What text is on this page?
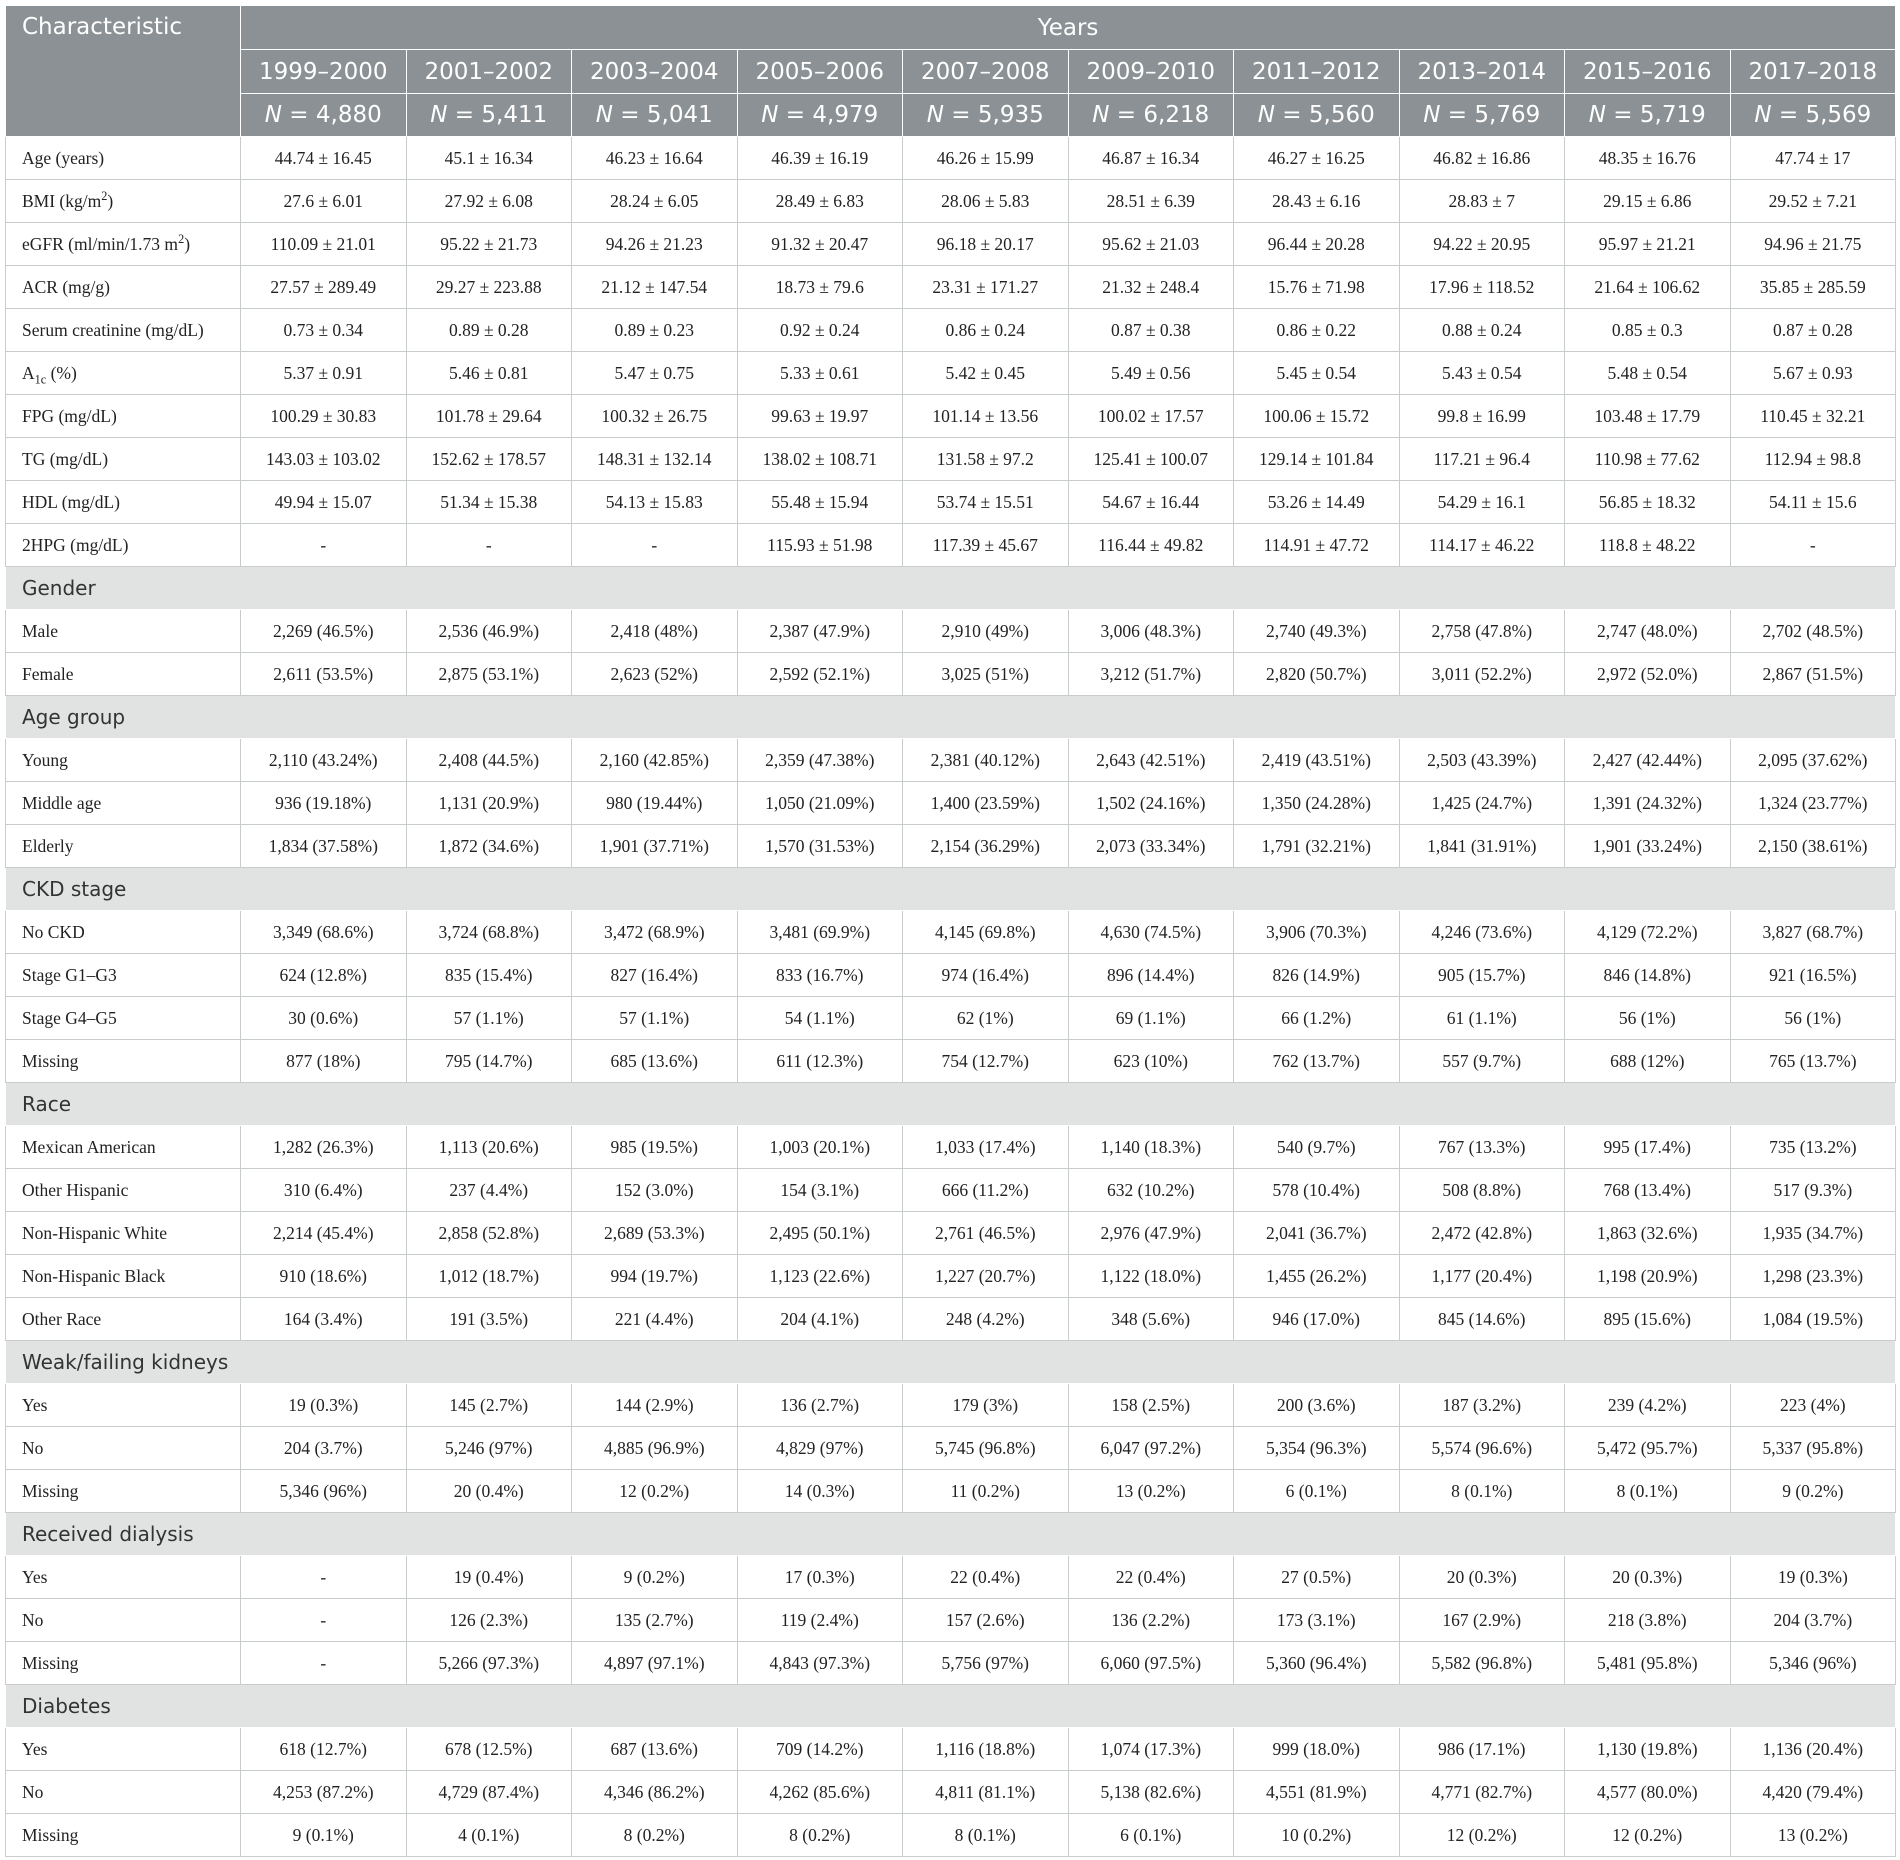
Characteristic	Years									
	1999–2000	2001–2002	2003–2004	2005–2006	2007–2008	2009–2010	2011–2012	2013–2014	2015–2016	2017–2018
	N = 4,880	N = 5,411	N = 5,041	N = 4,979	N = 5,935	N = 6,218	N = 5,560	N = 5,769	N = 5,719	N = 5,569
Age (years)	44.74 ± 16.45	45.1 ± 16.34	46.23 ± 16.64	46.39 ± 16.19	46.26 ± 15.99	46.87 ± 16.34	46.27 ± 16.25	46.82 ± 16.86	48.35 ± 16.76	47.74 ± 17
BMI $(kg/m^2)$	27.6 ± 6.01	27.92 ± 6.08	28.24 ± 6.05	28.49 ± 6.83	28.06 ± 5.83	28.51 ± 6.39	28.43 ± 6.16	28.83 ± 7	29.15 ± 6.86	29.52 ± 7.21
eGFR (ml/min/1.73 $m^2$)	110.09 ± 21.01	95.22 ± 21.73	94.26 ± 21.23	91.32 ± 20.47	96.18 ± 20.17	95.62 ± 21.03	96.44 ± 20.28	94.22 ± 20.95	95.97 ± 21.21	94.96 ± 21.75
ACR (mg/g)	27.57 ± 289.49	29.27 ± 223.88	21.12 ± 147.54	18.73 ± 79.6	23.31 ± 171.27	21.32 ± 248.4	15.76 ± 71.98	17.96 ± 118.52	21.64 ± 106.62	35.85 ± 285.59
Serum creatinine (mg/dL)	0.73 ± 0.34	0.89 ± 0.28	0.89 ± 0.23	0.92 ± 0.24	0.86 ± 0.24	0.87 ± 0.38	0.86 ± 0.22	0.88 ± 0.24	0.85 ± 0.3	0.87 ± 0.28
$A_{1c}$ (%)	5.37 ± 0.91	5.46 ± 0.81	5.47 ± 0.75	5.33 ± 0.61	5.42 ± 0.45	5.49 ± 0.56	5.45 ± 0.54	5.43 ± 0.54	5.48 ± 0.54	5.67 ± 0.93
FPG (mg/dL)	100.29 ± 30.83	101.78 ± 29.64	100.32 ± 26.75	99.63 ± 19.97	101.14 ± 13.56	100.02 ± 17.57	100.06 ± 15.72	99.8 ± 16.99	103.48 ± 17.79	110.45 ± 32.21
TG (mg/dL)	143.03 ± 103.02	152.62 ± 178.57	148.31 ± 132.14	138.02 ± 108.71	131.58 ± 97.2	125.41 ± 100.07	129.14 ± 101.84	117.21 ± 96.4	110.98 ± 77.62	112.94 ± 98.8
HDL (mg/dL)	49.94 ± 15.07	51.34 ± 15.38	54.13 ± 15.83	55.48 ± 15.94	53.74 ± 15.51	54.67 ± 16.44	53.26 ± 14.49	54.29 ± 16.1	56.85 ± 18.32	54.11 ± 15.6
2HPG (mg/dL)	-	-	-	115.93 ± 51.98	117.39 ± 45.67	116.44 ± 49.82	114.91 ± 47.72	114.17 ± 46.22	118.8 ± 48.22	-
Gender										
Male	2,269 (46.5%)	2,536 (46.9%)	2,418 (48%)	2,387 (47.9%)	2,910 (49%)	3,006 (48.3%)	2,740 (49.3%)	2,758 (47.8%)	2,747 (48.0%)	2,702 (48.5%)
Female	2,611 (53.5%)	2,875 (53.1%)	2,623 (52%)	2,592 (52.1%)	3,025 (51%)	3,212 (51.7%)	2,820 (50.7%)	3,011 (52.2%)	2,972 (52.0%)	2,867 (51.5%)
Age group										
Young	2,110 (43.24%)	2,408 (44.5%)	2,160 (42.85%)	2,359 (47.38%)	2,381 (40.12%)	2,643 (42.51%)	2,419 (43.51%)	2,503 (43.39%)	2,427 (42.44%)	2,095 (37.62%)
Middle age	936 (19.18%)	1,131 (20.9%)	980 (19.44%)	1,050 (21.09%)	1,400 (23.59%)	1,502 (24.16%)	1,350 (24.28%)	1,425 (24.7%)	1,391 (24.32%)	1,324 (23.77%)
Elderly	1,834 (37.58%)	1,872 (34.6%)	1,901 (37.71%)	1,570 (31.53%)	2,154 (36.29%)	2,073 (33.34%)	1,791 (32.21%)	1,841 (31.91%)	1,901 (33.24%)	2,150 (38.61%)
CKD stage										
No CKD	3,349 (68.6%)	3,724 (68.8%)	3,472 (68.9%)	3,481 (69.9%)	4,145 (69.8%)	4,630 (74.5%)	3,906 (70.3%)	4,246 (73.6%)	4,129 (72.2%)	3,827 (68.7%)
Stage G1–G3	624 (12.8%)	835 (15.4%)	827 (16.4%)	833 (16.7%)	974 (16.4%)	896 (14.4%)	826 (14.9%)	905 (15.7%)	846 (14.8%)	921 (16.5%)
Stage G4–G5	30 (0.6%)	57 (1.1%)	57 (1.1%)	54 (1.1%)	62 (1%)	69 (1.1%)	66 (1.2%)	61 (1.1%)	56 (1%)	56 (1%)
Missing	877 (18%)	795 (14.7%)	685 (13.6%)	611 (12.3%)	754 (12.7%)	623 (10%)	762 (13.7%)	557 (9.7%)	688 (12%)	765 (13.7%)
Race										
Mexican American	1,282 (26.3%)	1,113 (20.6%)	985 (19.5%)	1,003 (20.1%)	1,033 (17.4%)	1,140 (18.3%)	540 (9.7%)	767 (13.3%)	995 (17.4%)	735 (13.2%)
Other Hispanic	310 (6.4%)	237 (4.4%)	152 (3.0%)	154 (3.1%)	666 (11.2%)	632 (10.2%)	578 (10.4%)	508 (8.8%)	768 (13.4%)	517 (9.3%)
Non-Hispanic White	2,214 (45.4%)	2,858 (52.8%)	2,689 (53.3%)	2,495 (50.1%)	2,761 (46.5%)	2,976 (47.9%)	2,041 (36.7%)	2,472 (42.8%)	1,863 (32.6%)	1,935 (34.7%)
Non-Hispanic Black	910 (18.6%)	1,012 (18.7%)	994 (19.7%)	1,123 (22.6%)	1,227 (20.7%)	1,122 (18.0%)	1,455 (26.2%)	1,177 (20.4%)	1,198 (20.9%)	1,298 (23.3%)
Other Race	164 (3.4%)	191 (3.5%)	221 (4.4%)	204 (4.1%)	248 (4.2%)	348 (5.6%)	946 (17.0%)	845 (14.6%)	895 (15.6%)	1,084 (19.5%)
Weak/failing kidneys										
Yes	19 (0.3%)	145 (2.7%)	144 (2.9%)	136 (2.7%)	179 (3%)	158 (2.5%)	200 (3.6%)	187 (3.2%)	239 (4.2%)	223 (4%)
No	204 (3.7%)	5,246 (97%)	4,885 (96.9%)	4,829 (97%)	5,745 (96.8%)	6,047 (97.2%)	5,354 (96.3%)	5,574 (96.6%)	5,472 (95.7%)	5,337 (95.8%)
Missing	5,346 (96%)	20 (0.4%)	12 (0.2%)	14 (0.3%)	11 (0.2%)	13 (0.2%)	6 (0.1%)	8 (0.1%)	8 (0.1%)	9 (0.2%)
Received dialysis										
Yes	-	19 (0.4%)	9 (0.2%)	17 (0.3%)	22 (0.4%)	22 (0.4%)	27 (0.5%)	20 (0.3%)	20 (0.3%)	19 (0.3%)
No	-	126 (2.3%)	135 (2.7%)	119 (2.4%)	157 (2.6%)	136 (2.2%)	173 (3.1%)	167 (2.9%)	218 (3.8%)	204 (3.7%)
Missing	-	5,266 (97.3%)	4,897 (97.1%)	4,843 (97.3%)	5,756 (97%)	6,060 (97.5%)	5,360 (96.4%)	5,582 (96.8%)	5,481 (95.8%)	5,346 (96%)
Diabetes										
Yes	618 (12.7%)	678 (12.5%)	687 (13.6%)	709 (14.2%)	1,116 (18.8%)	1,074 (17.3%)	999 (18.0%)	986 (17.1%)	1,130 (19.8%)	1,136 (20.4%)
No	4,253 (87.2%)	4,729 (87.4%)	4,346 (86.2%)	4,262 (85.6%)	4,811 (81.1%)	5,138 (82.6%)	4,551 (81.9%)	4,771 (82.7%)	4,577 (80.0%)	4,420 (79.4%)
Missing	9 (0.1%)	4 (0.1%)	8 (0.2%)	8 (0.2%)	8 (0.1%)	6 (0.1%)	10 (0.2%)	12 (0.2%)	12 (0.2%)	13 (0.2%)
